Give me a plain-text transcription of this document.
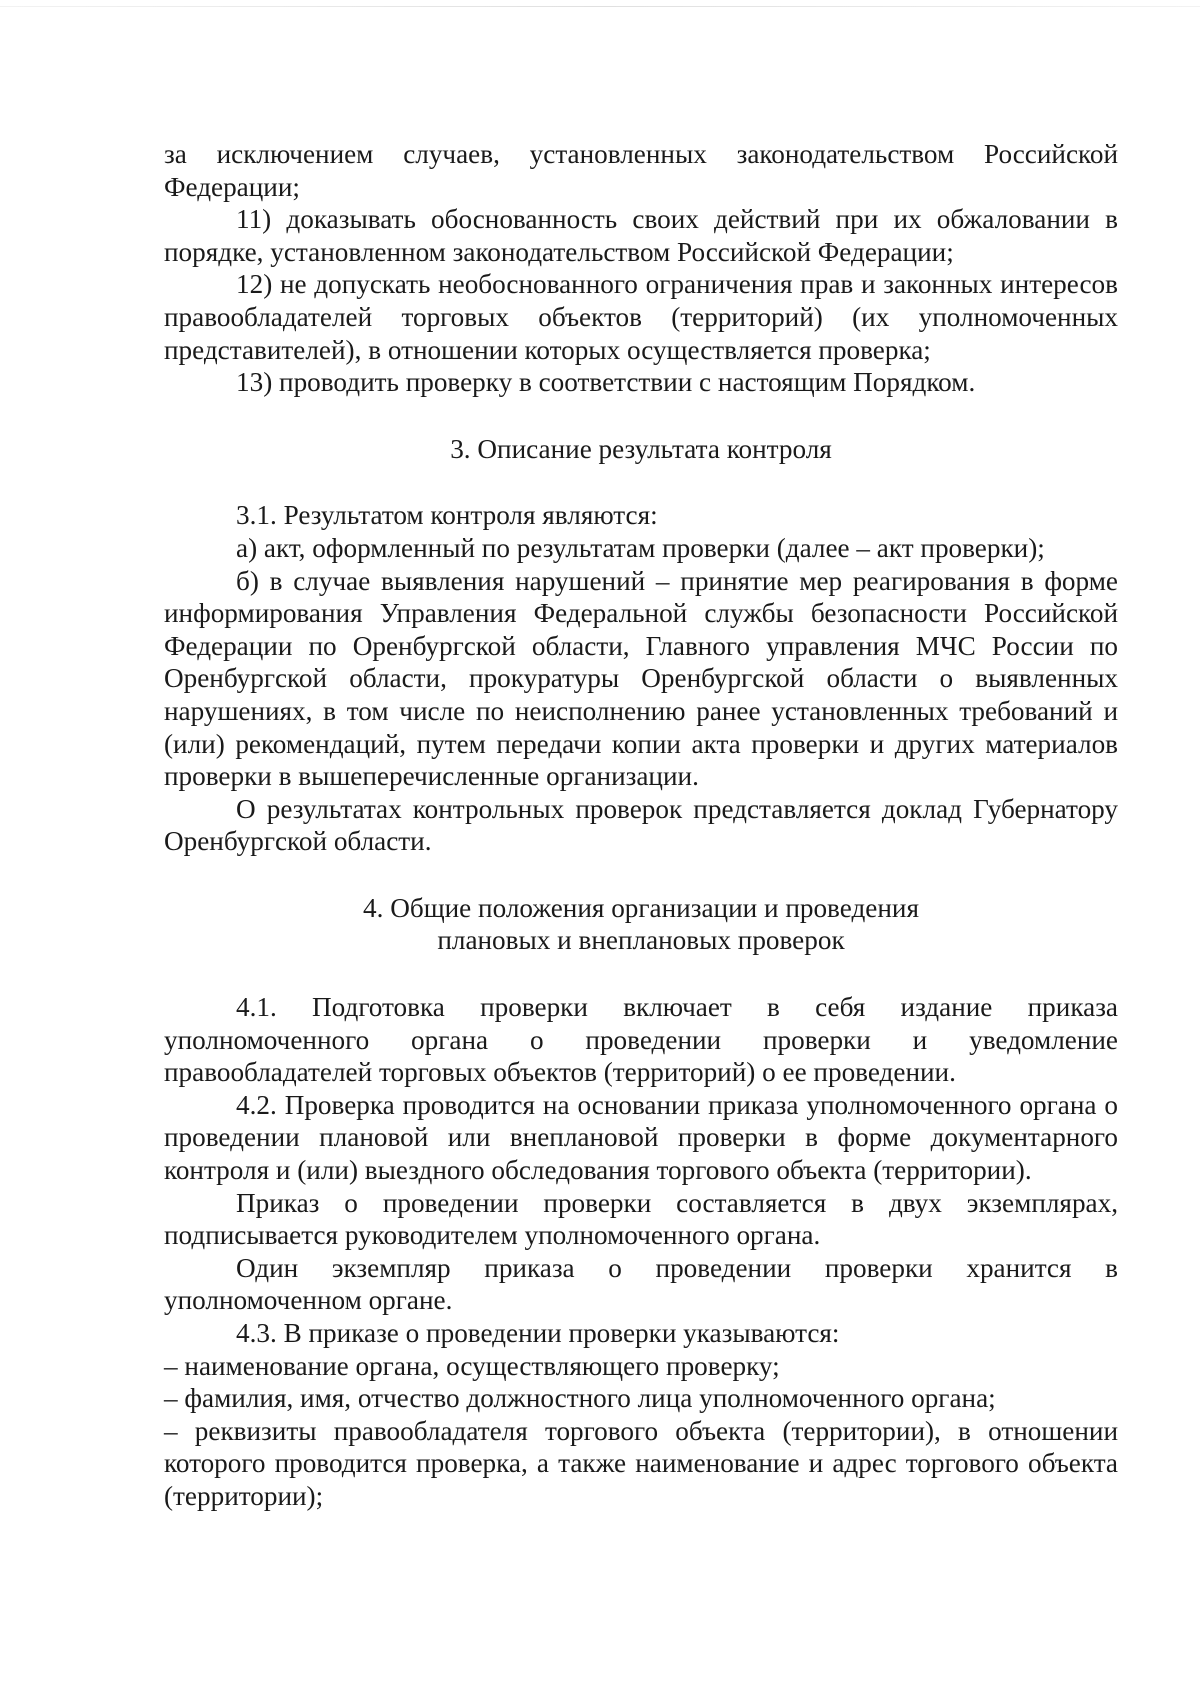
за исключением случаев, установленных законодательством Российской Федерации;

11) доказывать обоснованность своих действий при их обжаловании в порядке, установленном законодательством Российской Федерации;

12) не допускать необоснованного ограничения прав и законных интересов правообладателей торговых объектов (территорий) (их уполномоченных представителей), в отношении которых осуществляется проверка;

13) проводить проверку в соответствии с настоящим Порядком.

3. Описание результата контроля

3.1. Результатом контроля являются:

а) акт, оформленный по результатам проверки (далее – акт проверки);

б) в случае выявления нарушений – принятие мер реагирования в форме информирования Управления Федеральной службы безопасности Российской Федерации по Оренбургской области, Главного управления МЧС России по Оренбургской области, прокуратуры Оренбургской области о выявленных нарушениях, в том числе по неисполнению ранее установленных требований и (или) рекомендаций, путем передачи копии акта проверки и других материалов проверки в вышеперечисленные организации.

О результатах контрольных проверок представляется доклад Губернатору Оренбургской области.

4. Общие положения организации и проведения

плановых и внеплановых проверок

4.1. Подготовка проверки включает в себя издание приказа уполномоченного органа о проведении проверки и уведомление правообладателей торговых объектов (территорий) о ее проведении.

4.2. Проверка проводится на основании приказа уполномоченного органа о проведении плановой или внеплановой проверки в форме документарного контроля и (или) выездного обследования торгового объекта (территории).

Приказ о проведении проверки составляется в двух экземплярах, подписывается руководителем уполномоченного органа.

Один экземпляр приказа о проведении проверки хранится в уполномоченном органе.

4.3. В приказе о проведении проверки указываются:

– наименование органа, осуществляющего проверку;

– фамилия, имя, отчество должностного лица уполномоченного органа;

– реквизиты правообладателя торгового объекта (территории), в отношении которого проводится проверка, а также наименование и адрес торгового объекта (территории);
